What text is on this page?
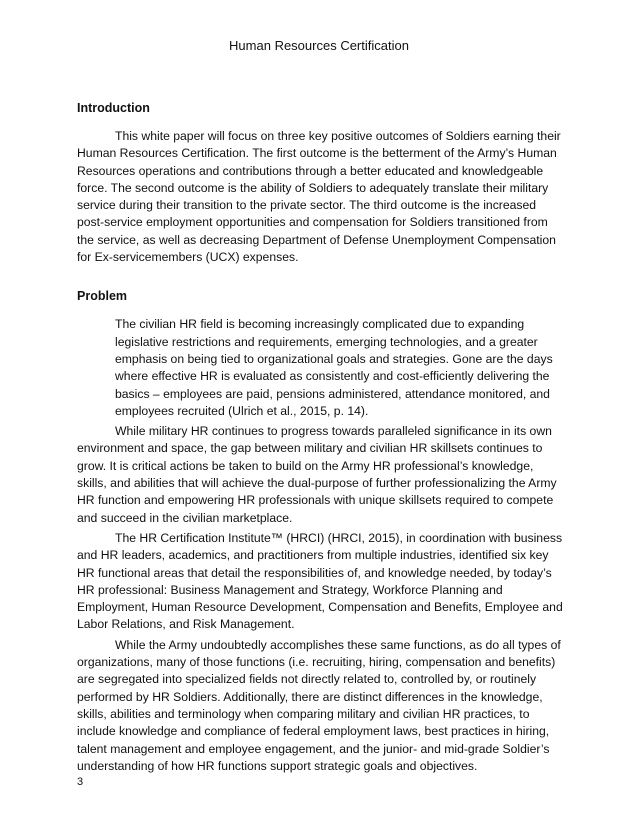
Human Resources Certification
Introduction

This white paper will focus on three key positive outcomes of Soldiers earning their Human Resources Certification. The first outcome is the betterment of the Army’s Human Resources operations and contributions through a better educated and knowledgeable force. The second outcome is the ability of Soldiers to adequately translate their military service during their transition to the private sector. The third outcome is the increased post-service employment opportunities and compensation for Soldiers transitioned from the service, as well as decreasing Department of Defense Unemployment Compensation for Ex-servicemembers (UCX) expenses.

Problem

The civilian HR field is becoming increasingly complicated due to expanding legislative restrictions and requirements, emerging technologies, and a greater emphasis on being tied to organizational goals and strategies. Gone are the days where effective HR is evaluated as consistently and cost-efficiently delivering the basics – employees are paid, pensions administered, attendance monitored, and employees recruited (Ulrich et al., 2015, p. 14).

While military HR continues to progress towards paralleled significance in its own environment and space, the gap between military and civilian HR skillsets continues to grow. It is critical actions be taken to build on the Army HR professional’s knowledge, skills, and abilities that will achieve the dual-purpose of further professionalizing the Army HR function and empowering HR professionals with unique skillsets required to compete and succeed in the civilian marketplace.

The HR Certification Institute™ (HRCI) (HRCI, 2015), in coordination with business and HR leaders, academics, and practitioners from multiple industries, identified six key HR functional areas that detail the responsibilities of, and knowledge needed, by today’s HR professional: Business Management and Strategy, Workforce Planning and Employment, Human Resource Development, Compensation and Benefits, Employee and Labor Relations, and Risk Management.

While the Army undoubtedly accomplishes these same functions, as do all types of organizations, many of those functions (i.e. recruiting, hiring, compensation and benefits) are segregated into specialized fields not directly related to, controlled by, or routinely performed by HR Soldiers. Additionally, there are distinct differences in the knowledge, skills, abilities and terminology when comparing military and civilian HR practices, to include knowledge and compliance of federal employment laws, best practices in hiring, talent management and employee engagement, and the junior- and mid-grade Soldier’s understanding of how HR functions support strategic goals and objectives.

3
